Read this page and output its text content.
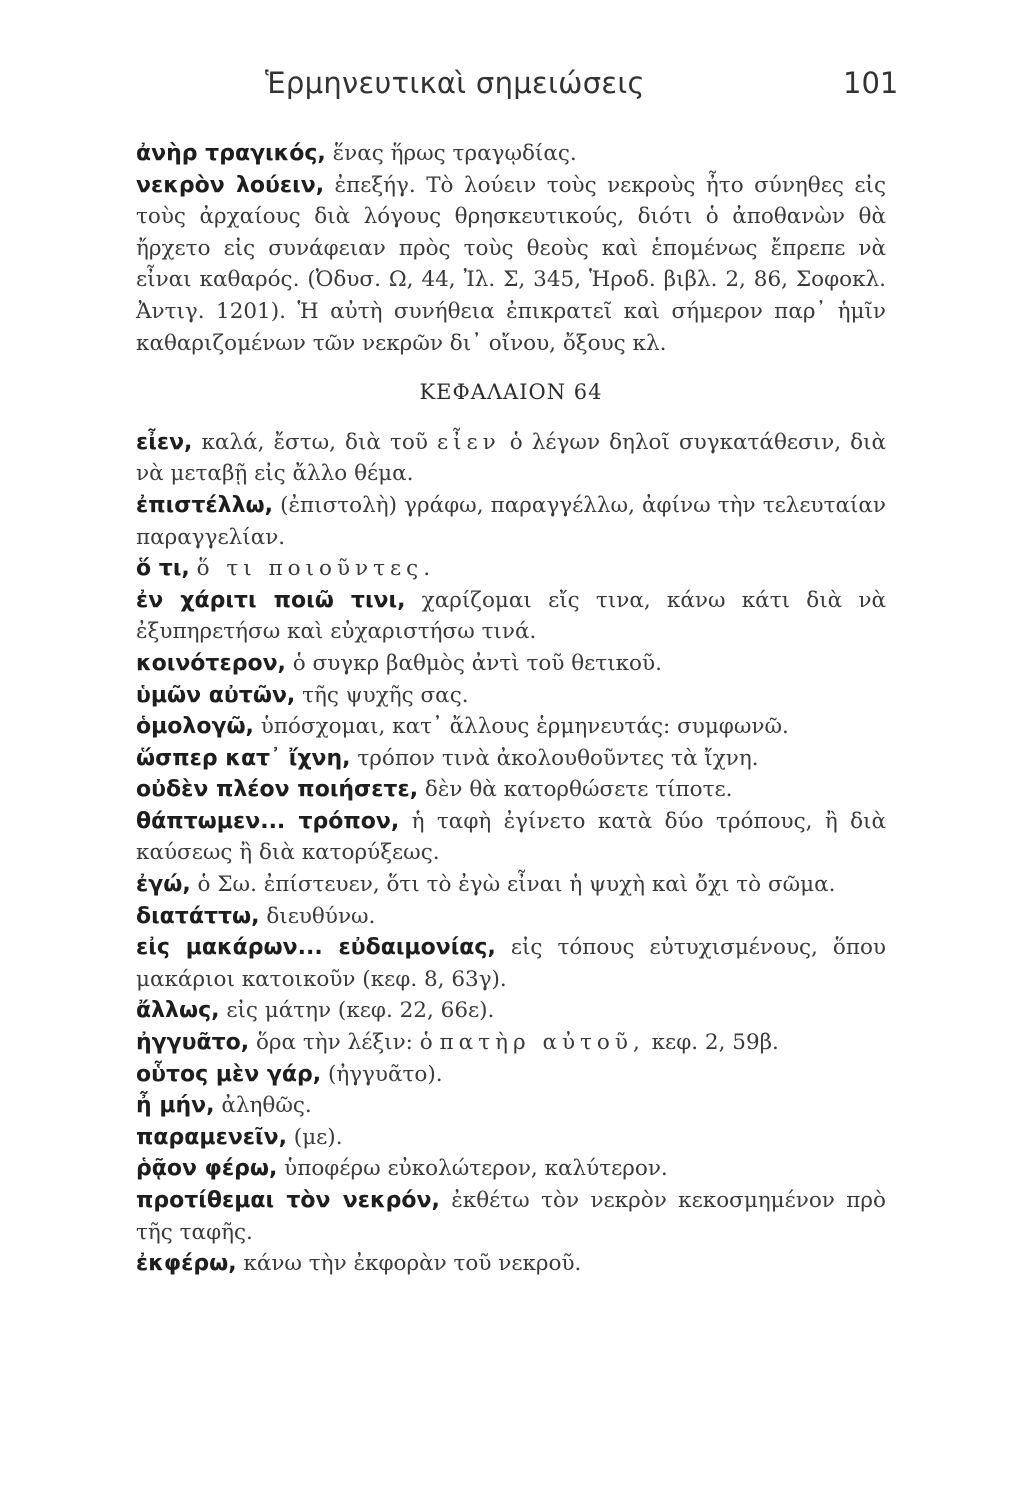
Ἑρμηνευτικαὶ σημειώσεις	101

ἀνὴρ τραγικός, ἕνας ἥρως τραγῳδίας.

νεκρὸν λούειν, ἐπεξήγ. Τὸ λούειν τοὺς νεκροὺς ἦτο σύνηθες εἰς τοὺς ἀρχαίους διὰ λόγους θρησκευτικούς, διότι ὁ ἀποθανὼν θὰ ἤρχετο εἰς συνάφειαν πρὸς τοὺς θεοὺς καὶ ἑπομένως ἔπρεπε νὰ εἶναι καθαρός. (Ὀδυσ. Ω, 44, Ἰλ. Σ, 345, Ἡροδ. βιβλ. 2, 86, Σοφοκλ. Ἀντιγ. 1201). Ἡ αὐτὴ συνήθεια ἐπικρατεῖ καὶ σήμερον παρ᾽ ἡμῖν καθαριζομένων τῶν νεκρῶν δι᾽ οἴνου, ὄξους κλ.

ΚΕΦΑΛΑΙΟΝ 64

εἶεν, καλά, ἔστω, διὰ τοῦ εἶεν ὁ λέγων δηλοῖ συγκατάθεσιν, διὰ νὰ μεταβῇ εἰς ἄλλο θέμα.

ἐπιστέλλω, (ἐπιστολὴ) γράφω, παραγγέλλω, ἀφίνω τὴν τελευταίαν παραγγελίαν.

ὅ τι, ὅ τι ποιοῦντες.

ἐν χάριτι ποιῶ τινι, χαρίζομαι εἴς τινα, κάνω κάτι διὰ νὰ ἐξυπηρετήσω καὶ εὐχαριστήσω τινά.

κοινότερον, ὁ συγκρ βαθμὸς ἀντὶ τοῦ θετικοῦ.

ὑμῶν αὐτῶν, τῆς ψυχῆς σας.

ὁμολογῶ, ὑπόσχομαι, κατ᾽ ἄλλους ἑρμηνευτάς: συμφωνῶ.

ὥσπερ κατ᾽ ἴχνη, τρόπον τινὰ ἀκολουθοῦντες τὰ ἴχνη.

οὐδὲν πλέον ποιήσετε, δὲν θὰ κατορθώσετε τίποτε.

θάπτωμεν... τρόπον, ἡ ταφὴ ἐγίνετο κατὰ δύο τρόπους, ἢ διὰ καύσεως ἢ διὰ κατορύξεως.

ἐγώ, ὁ Σω. ἐπίστευεν, ὅτι τὸ ἐγὼ εἶναι ἡ ψυχὴ καὶ ὄχι τὸ σῶμα.

διατάττω, διευθύνω.

εἰς μακάρων... εὐδαιμονίας, εἰς τόπους εὐτυχισμένους, ὅπου μακάριοι κατοικοῦν (κεφ. 8, 63γ).

ἄλλως, εἰς μάτην (κεφ. 22, 66ε).

ἠγγυᾶτο, ὅρα τὴν λέξιν: ὁ πατὴρ αὐτοῦ, κεφ. 2, 59β.

οὗτος μὲν γάρ, (ἠγγυᾶτο).

ἦ μήν, ἀληθῶς.

παραμενεῖν, (με).

ῥᾷον φέρω, ὑποφέρω εὐκολώτερον, καλύτερον.

προτίθεμαι τὸν νεκρόν, ἐκθέτω τὸν νεκρὸν κεκοσμημένον πρὸ τῆς ταφῆς.

ἐκφέρω, κάνω τὴν ἐκφορὰν τοῦ νεκροῦ.
